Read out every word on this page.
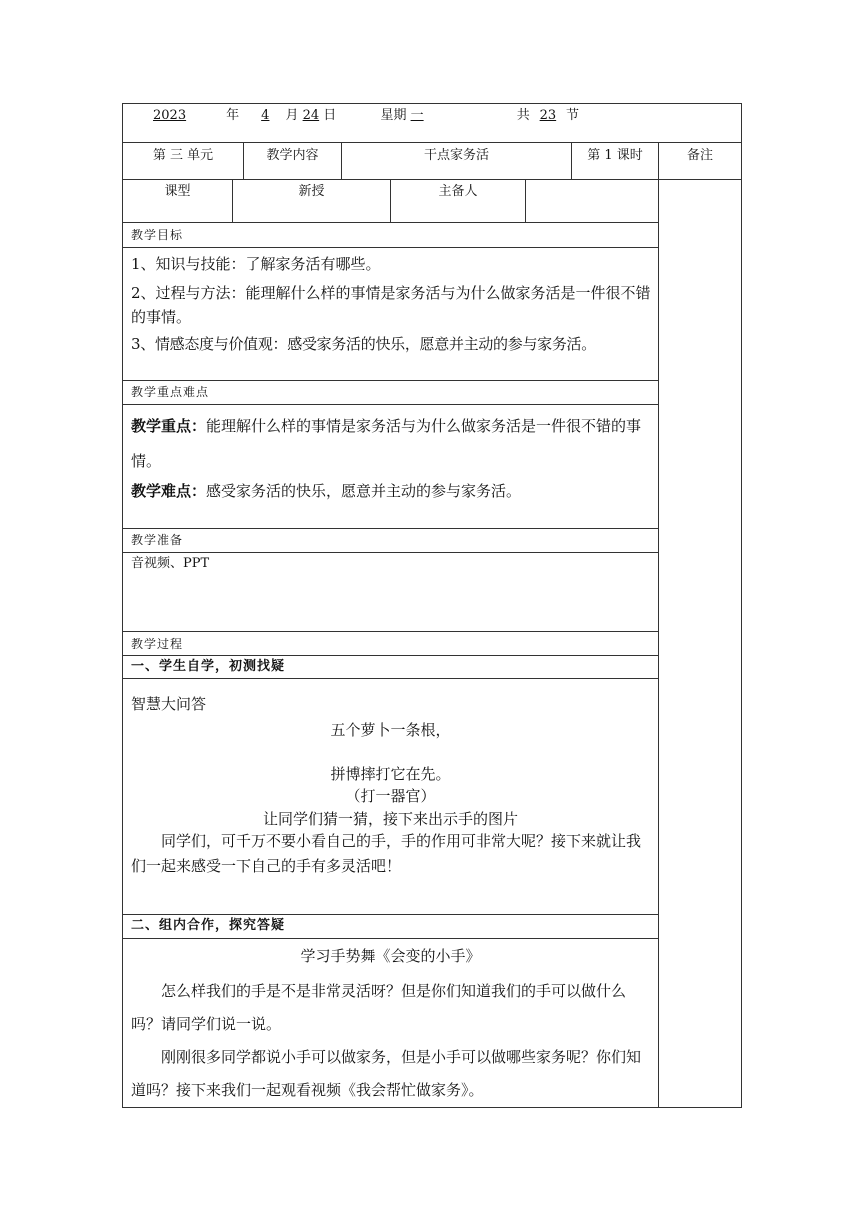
2023	年 4 月 24 日	星期 一	共 23 节
第 三 单元	教学内容	干点家务活	第 1 课时	备注
课型	新授	主备人
教学目标
1、知识与技能：了解家务活有哪些。
2、过程与方法：能理解什么样的事情是家务活与为什么做家务活是一件很不错的事情。
3、情感态度与价值观：感受家务活的快乐，愿意并主动的参与家务活。
教学重点难点
教学重点：能理解什么样的事情是家务活与为什么做家务活是一件很不错的事情。
教学难点：感受家务活的快乐，愿意并主动的参与家务活。
教学准备
音视频、PPT
教学过程
一、学生自学，初测找疑
智慧大问答
五个萝卜一条根，
拼博摔打它在先。
（打一器官）
让同学们猜一猜，接下来出示手的图片
同学们，可千万不要小看自己的手，手的作用可非常大呢？接下来就让我们一起来感受一下自己的手有多灵活吧！
二、组内合作，探究答疑
学习手势舞《会变的小手》
怎么样我们的手是不是非常灵活呀？但是你们知道我们的手可以做什么吗？请同学们说一说。
刚刚很多同学都说小手可以做家务，但是小手可以做哪些家务呢？你们知道吗？接下来我们一起观看视频《我会帮忙做家务》。
